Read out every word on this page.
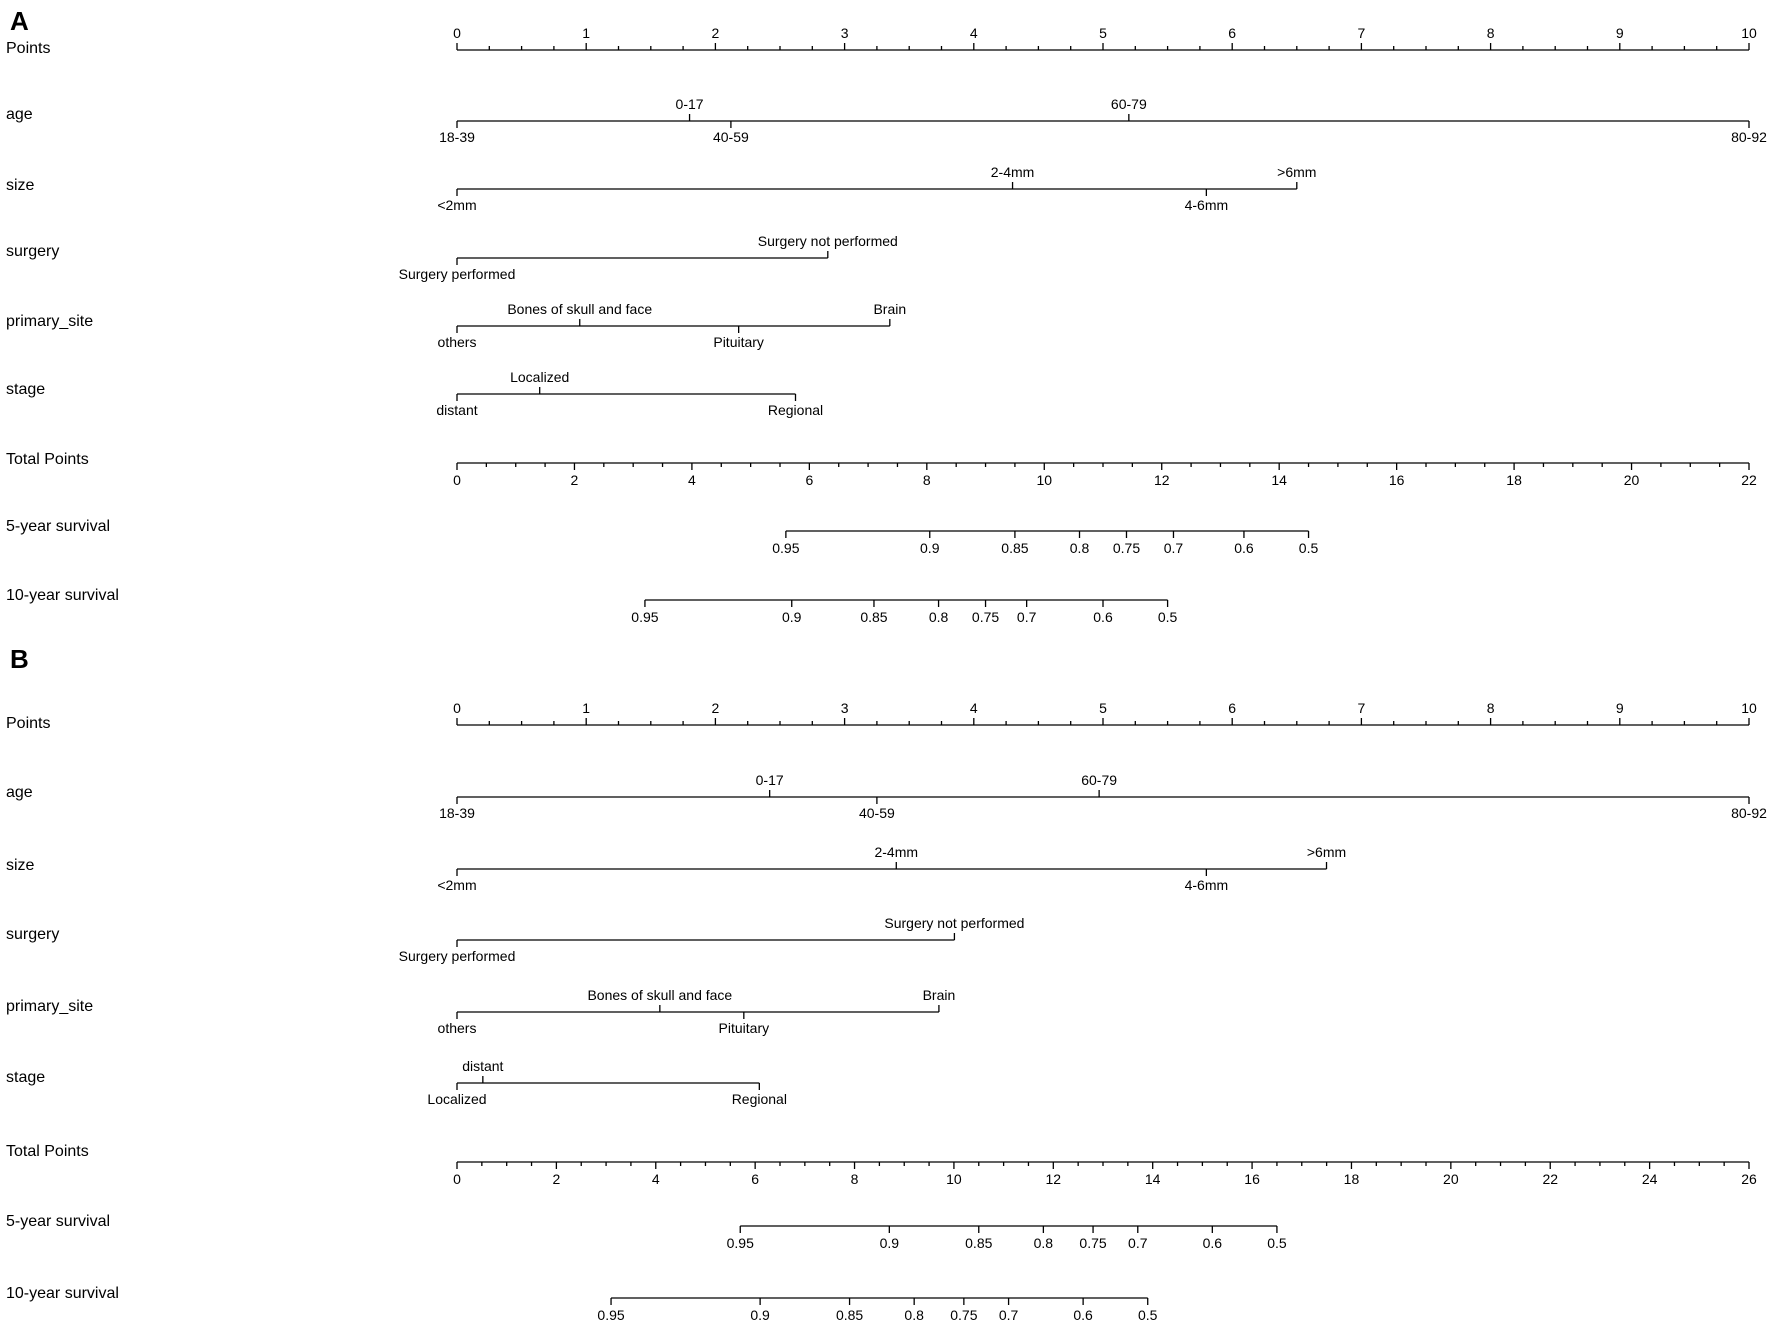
A
Points
0	1	2	3	4	5	6	7	8	9	10
age
18-39
0-17
40-59
60-79
80-92
size
<2mm
2-4mm
4-6mm
>6mm
surgery
Surgery performed
Surgery not performed
primary_site
others
Bones of skull and face
Pituitary
Brain
stage
distant
Localized
Regional
Total Points
0	2	4	6	8	10	12	14	16	18	20	22
5-year survival
0.95	0.9	0.85	0.8 0.75 0.7	0.6	0.5
10-year survival
0.95	0.9	0.85	0.8 0.75 0.7	0.6	0.5
B
Points
0	1	2	3	4	5	6	7	8	9	10
age
18-39
0-17
40-59
60-79
80-92
size
<2mm
2-4mm
4-6mm
>6mm
surgery
Surgery performed
Surgery not performed
primary_site
others
Bones of skull and face
Pituitary
Brain
stage
Localized
distant
Regional
Total Points
0	2	4	6	8	10	12	14	16	18	20	22	24	26
5-year survival
0.95	0.9	0.85	0.8 0.75 0.7	0.6	0.5
10-year survival
0.95	0.9	0.85	0.8 0.75 0.7	0.6	0.5
